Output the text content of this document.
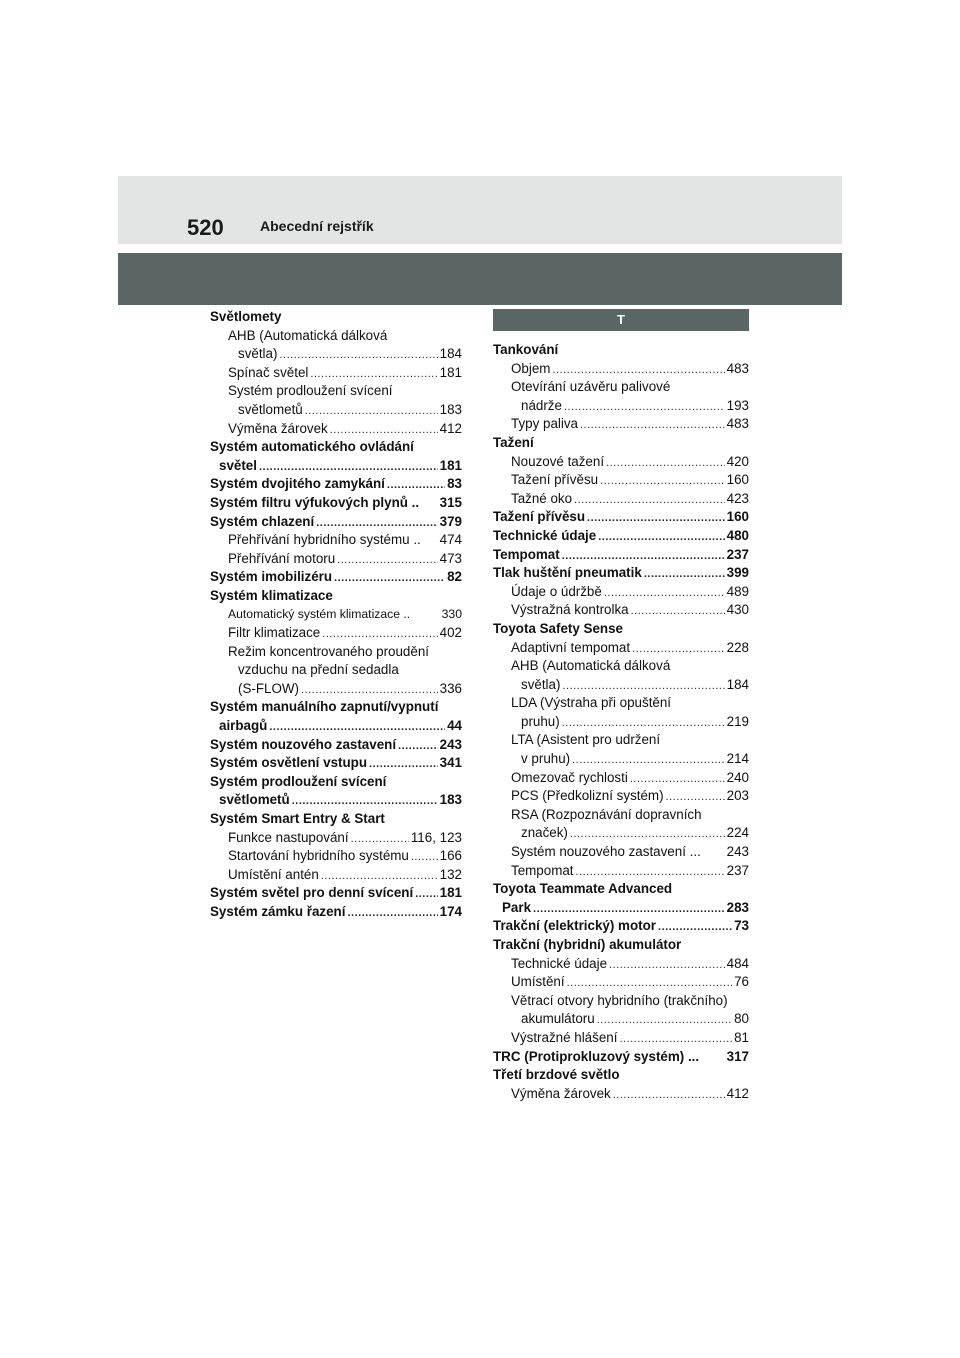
520	Abecední rejstřík
Světlomety
AHB (Automatická dálková
světla) .....	184
Spínač světel .....	181
Systém prodloužení svícení
světlometů .....	183
Výměna žárovek .....	412
Systém automatického ovládání
světel .....	181
Systém dvojitého zamykání .....	83
Systém filtru výfukových plynů .. 315
Systém chlazení .....	379
Přehřívání hybridního systému .. 474
Přehřívání motoru .....	473
Systém imobilizéru .....	82
Systém klimatizace
Automatický systém klimatizace ..	330
Filtr klimatizace .....	402
Režim koncentrovaného proudění
vzduchu na přední sedadla
(S-FLOW) .....	336
Systém manuálního zapnutí/vypnutí
airbagů .....	44
Systém nouzového zastavení .....	243
Systém osvětlení vstupu .....	341
Systém prodloužení svícení
světlometů .....	183
Systém Smart Entry & Start
Funkce nastupování .....	116, 123
Startování hybridního systému ..... 166
Umístění antén .....	132
Systém světel pro denní svícení ..... 181
Systém zámku řazení .....	174
T
Tankování
Objem .....	483
Otevírání uzávěru palivové
nádrže .....	193
Typy paliva .....	483
Tažení
Nouzové tažení .....	420
Tažení přívěsu .....	160
Tažné oko .....	423
Tažení přívěsu .....	160
Technické údaje .....	480
Tempomat .....	237
Tlak huštění pneumatik .....	399
Údaje o údržbě .....	489
Výstražná kontrolka .....	430
Toyota Safety Sense
Adaptivní tempomat .....	228
AHB (Automatická dálková
světla) .....	184
LDA (Výstraha při opuštění
pruhu) .....	219
LTA (Asistent pro udržení
v pruhu) .....	214
Omezovač rychlosti .....	240
PCS (Předkolizní systém) .....	203
RSA (Rozpoznávání dopravních
značek) .....	224
Systém nouzového zastavení ... 243
Tempomat .....	237
Toyota Teammate Advanced
Park .....	283
Trakční (elektrický) motor .....	73
Trakční (hybridní) akumulátor
Technické údaje .....	484
Umístění .....	76
Větrací otvory hybridního (trakčního)
akumulátoru .....	80
Výstražné hlášení .....	81
TRC (Protiprokluzový systém) ... 317
Třetí brzdové světlo
Výměna žárovek .....	412
